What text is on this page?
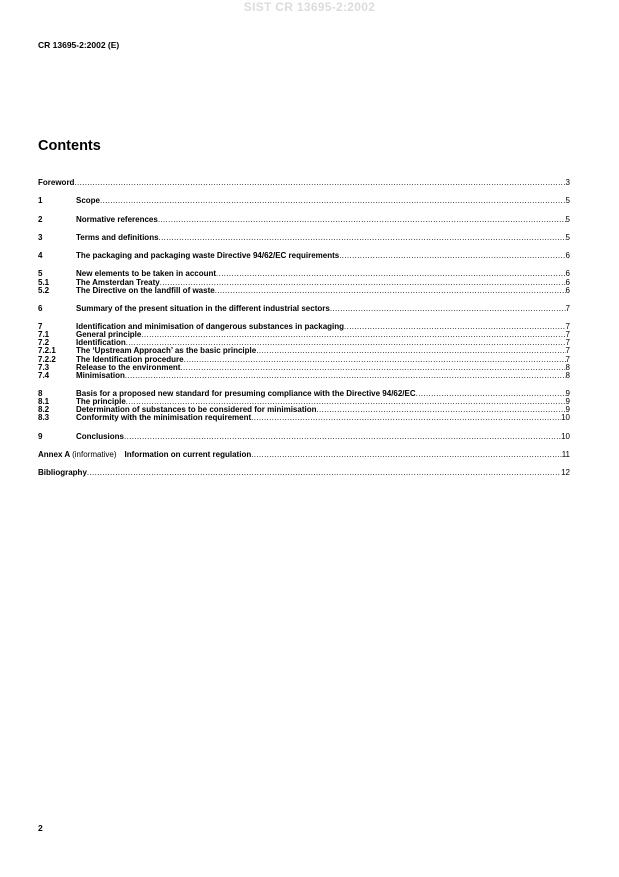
SIST CR 13695-2:2002
CR 13695-2:2002 (E)
Contents
Foreword .....	3
1	Scope .....	5
2	Normative references .....	5
3	Terms and definitions .....	5
4	The packaging and packaging waste Directive 94/62/EC requirements .....	6
5	New elements to be taken in account .....	6
5.1	The Amsterdan Treaty .....	6
5.2	The Directive on the landfill of waste .....	6
6	Summary of the present situation in the different industrial sectors .....	7
7	Identification and minimisation of dangerous substances in packaging .....	7
7.1	General principle .....	7
7.2	Identification .....	7
7.2.1	The ‘Upstream Approach’ as the basic principle .....	7
7.2.2	The Identification procedure .....	7
7.3	Release to the environment .....	8
7.4	Minimisation .....	8
8	Basis for a proposed new standard for presuming compliance with the Directive 94/62/EC .....	9
8.1	The principle .....	9
8.2	Determination of substances to be considered for minimisation .....	9
8.3	Conformity with the minimisation requirement .....	10
9	Conclusions .....	10
Annex A (informative) Information on current regulation .....	11
Bibliography .....	12
2
